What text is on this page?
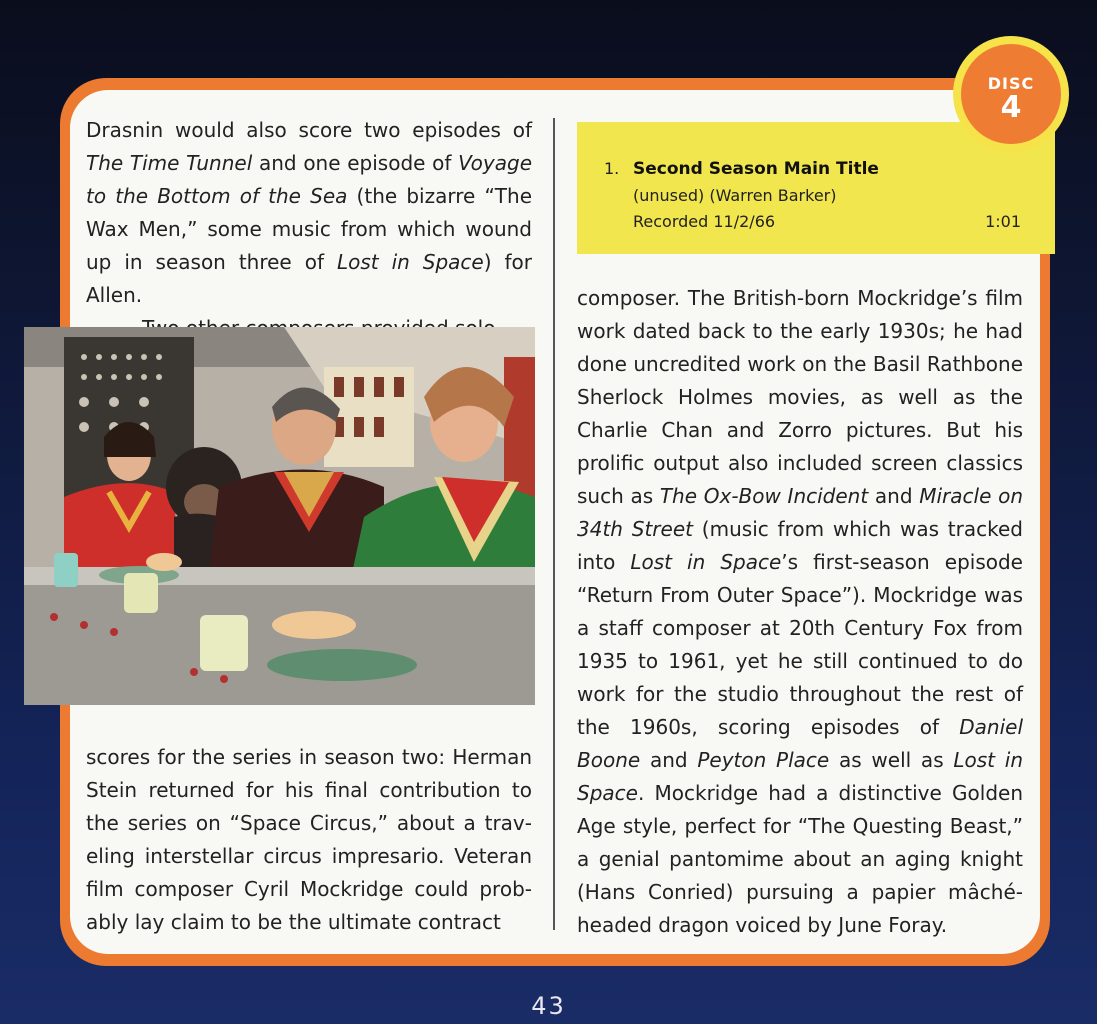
Drasnin would also score two episodes of The Time Tunnel and one episode of Voyage to the Bottom of the Sea (the bizarre “The Wax Men,” some music from which wound up in season three of Lost in Space) for Allen.

scores for the series in season two: Herman Stein returned for his final contribution to the series on “Space Circus,” about a traveling interstellar circus impresario. Veteran film composer Cyril Mockridge could probably lay claim to be the ultimate contract

1. Second Season Main Title
(unused) (Warren Barker)
Recorded 11/2/66	1:01
DISC
4

composer. The British-born Mockridge’s film work dated back to the early 1930s; he had done uncredited work on the Basil Rathbone Sherlock Holmes movies, as well as the Charlie Chan and Zorro pictures. But his prolific output also included screen classics such as The Ox-Bow Incident and Miracle on 34th Street (music from which was tracked into Lost in Space’s first-season episode “Return From Outer Space”). Mockridge was a staff composer at 20th Century Fox from 1935 to 1961, yet he still continued to do work for the studio throughout the rest of the 1960s, scoring episodes of Daniel Boone and Peyton Place as well as Lost in Space. Mockridge had a distinctive Golden Age style, perfect for “The Questing Beast,” a genial pantomime about an aging knight (Hans Conried) pursuing a papier mâché-headed dragon voiced by June Foray.

43
